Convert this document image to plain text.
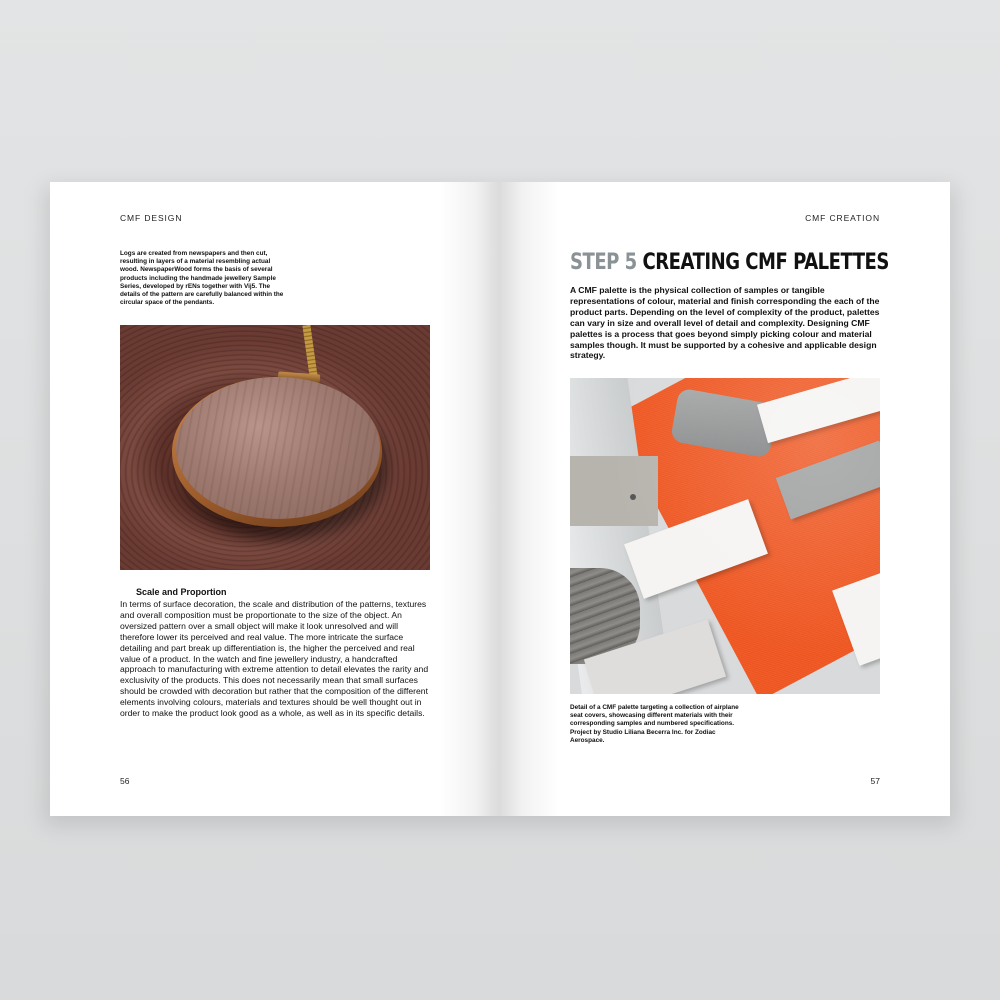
CMF DESIGN
Logs are created from newspapers and then cut, resulting in layers of a material resembling actual wood. NewspaperWood forms the basis of several products including the handmade jewellery Sample Series, developed by rENs together with Vij5. The details of the pattern are carefully balanced within the circular space of the pendants.
Scale and Proportion
In terms of surface decoration, the scale and distribution of the patterns, textures and overall composition must be proportionate to the size of the object. An oversized pattern over a small object will make it look unresolved and will therefore lower its perceived and real value. The more intricate the surface detailing and part break up differentiation is, the higher the perceived and real value of a product. In the watch and fine jewellery industry, a handcrafted approach to manufacturing with extreme attention to detail elevates the rarity and exclusivity of the products. This does not necessarily mean that small surfaces should be crowded with decoration but rather that the composition of the different elements involving colours, materials and textures should be well thought out in order to make the product look good as a whole, as well as in its specific details.
56
CMF CREATION
STEP 5 CREATING CMF PALETTES
A CMF palette is the physical collection of samples or tangible representations of colour, material and finish corresponding the each of the product parts. Depending on the level of complexity of the product, palettes can vary in size and overall level of detail and complexity. Designing CMF palettes is a process that goes beyond simply picking colour and material samples though. It must be supported by a cohesive and applicable design strategy.
Detail of a CMF palette targeting a collection of airplane seat covers, showcasing different materials with their corresponding samples and numbered specifications. Project by Studio Liliana Becerra Inc. for Zodiac Aerospace.
57
